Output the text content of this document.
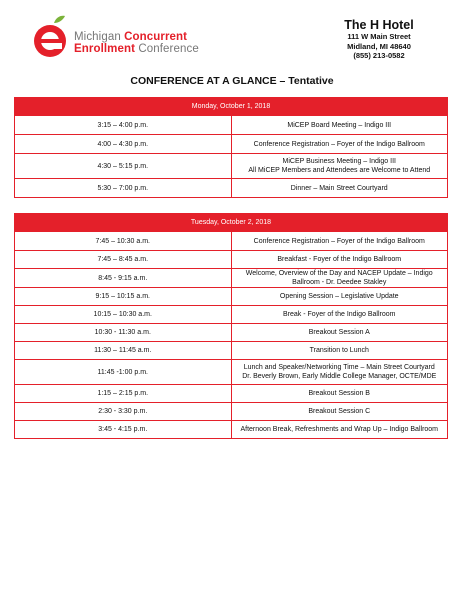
Michigan Concurrent
Enrollment Conference
The H Hotel
111 W Main Street
Midland, MI 48640
(855) 213-0582
CONFERENCE AT A GLANCE – Tentative
Monday, October 1, 2018	
3:15 – 4:00 p.m.	MiCEP Board Meeting – Indigo III

4:00 – 4:30 p.m.	Conference Registration – Foyer of the Indigo Ballroom

4:30 – 5:15 p.m.	MiCEP Business Meeting – Indigo III
All MiCEP Members and Attendees are Welcome to Attend

5:30 – 7:00 p.m.	Dinner – Main Street Courtyard
Tuesday, October 2, 2018	
7:45 – 10:30 a.m.	Conference Registration – Foyer of the Indigo Ballroom

7:45 – 8:45 a.m.	Breakfast - Foyer of the Indigo Ballroom

8:45 - 9:15 a.m.	Welcome, Overview of the Day and NACEP Update – Indigo Ballroom - Dr. Deedee Stakley

9:15 – 10:15 a.m.	Opening Session – Legislative Update

10:15 – 10:30 a.m.	Break - Foyer of the Indigo Ballroom

10:30 - 11:30 a.m.	Breakout Session A

11:30 – 11:45 a.m.	Transition to Lunch

11:45 -1:00 p.m.	Lunch and Speaker/Networking Time – Main Street Courtyard
Dr. Beverly Brown, Early Middle College Manager, OCTE/MDE

1:15 – 2:15 p.m.	Breakout Session B

2:30 - 3:30 p.m.	Breakout Session C

3:45 - 4:15 p.m.	Afternoon Break, Refreshments and Wrap Up – Indigo Ballroom
